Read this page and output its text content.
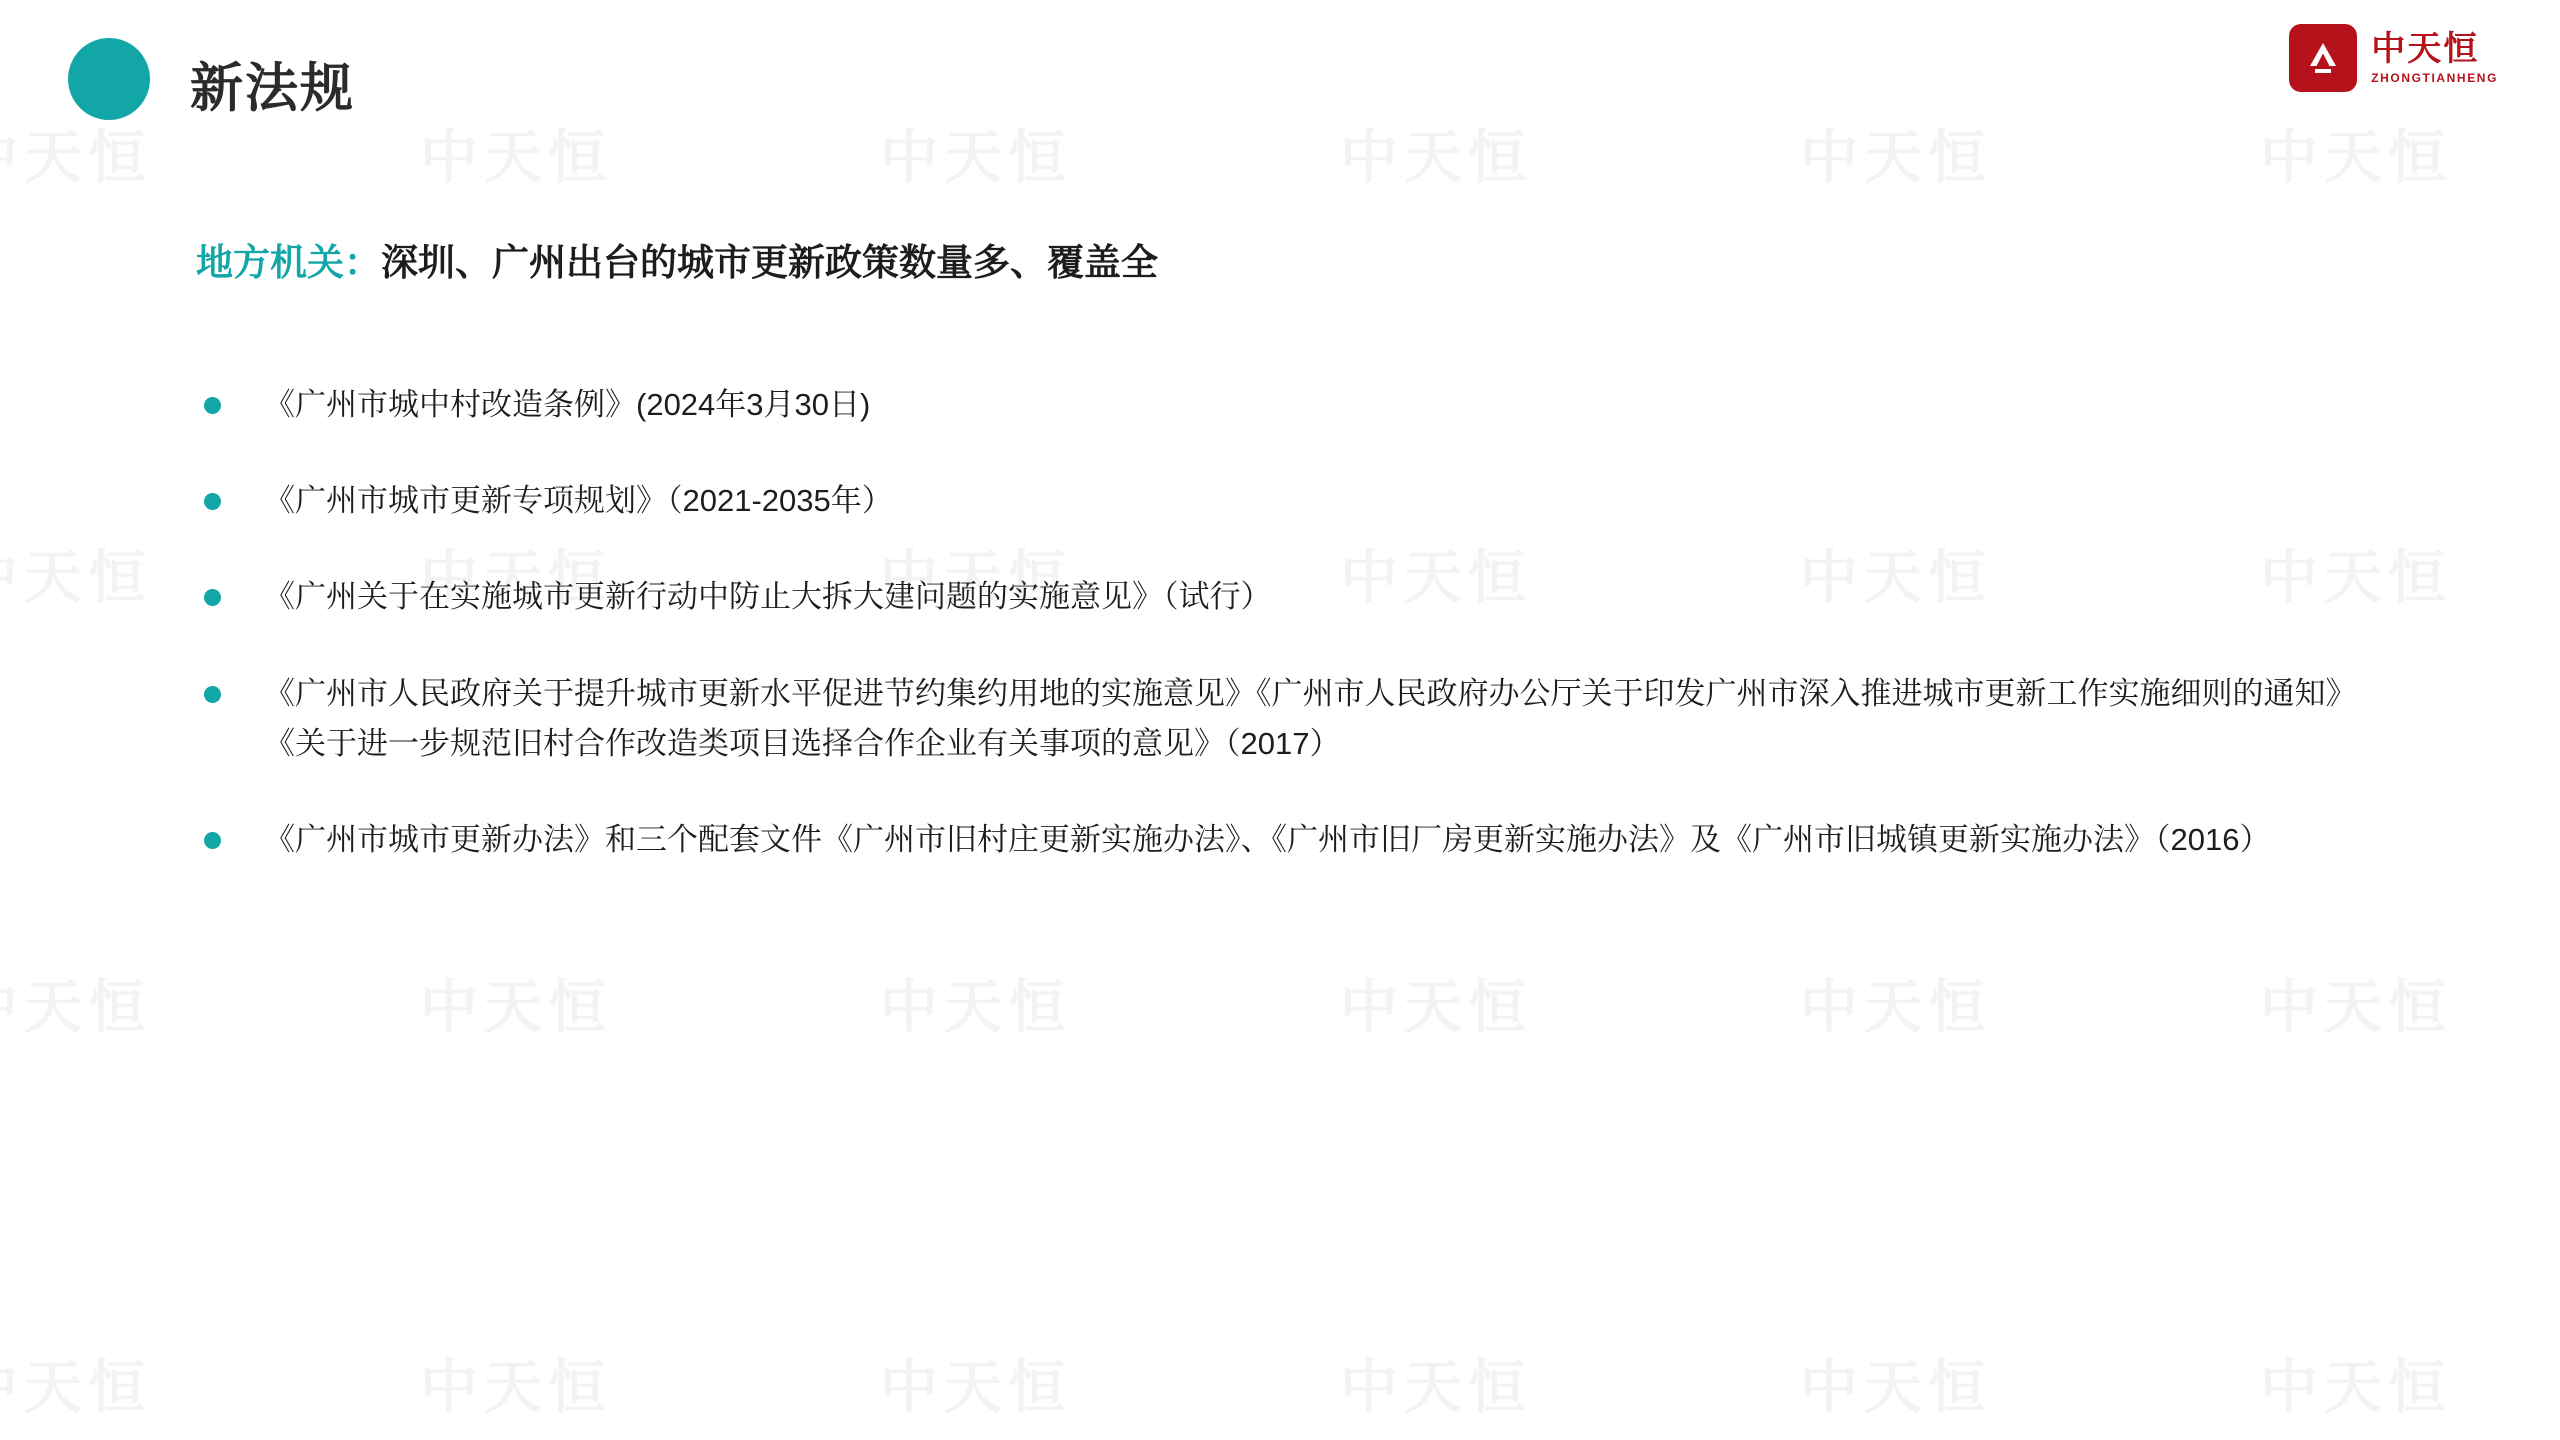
新法规
中天恒
ZHONGTIANHENG
地方机关：深圳、广州出台的城市更新政策数量多、覆盖全
《广州市城中村改造条例》(2024年3月30日)
《广州市城市更新专项规划》（2021-2035年）
《广州关于在实施城市更新行动中防止大拆大建问题的实施意见》（试行）
《广州市人民政府关于提升城市更新水平促进节约集约用地的实施意见》《广州市人民政府办公厅关于印发广州市深入推进城市更新工作实施细则的通知》《关于进一步规范旧村合作改造类项目选择合作企业有关事项的意见》（2017）
《广州市城市更新办法》和三个配套文件《广州市旧村庄更新实施办法》、《广州市旧厂房更新实施办法》及《广州市旧城镇更新实施办法》（2016）
